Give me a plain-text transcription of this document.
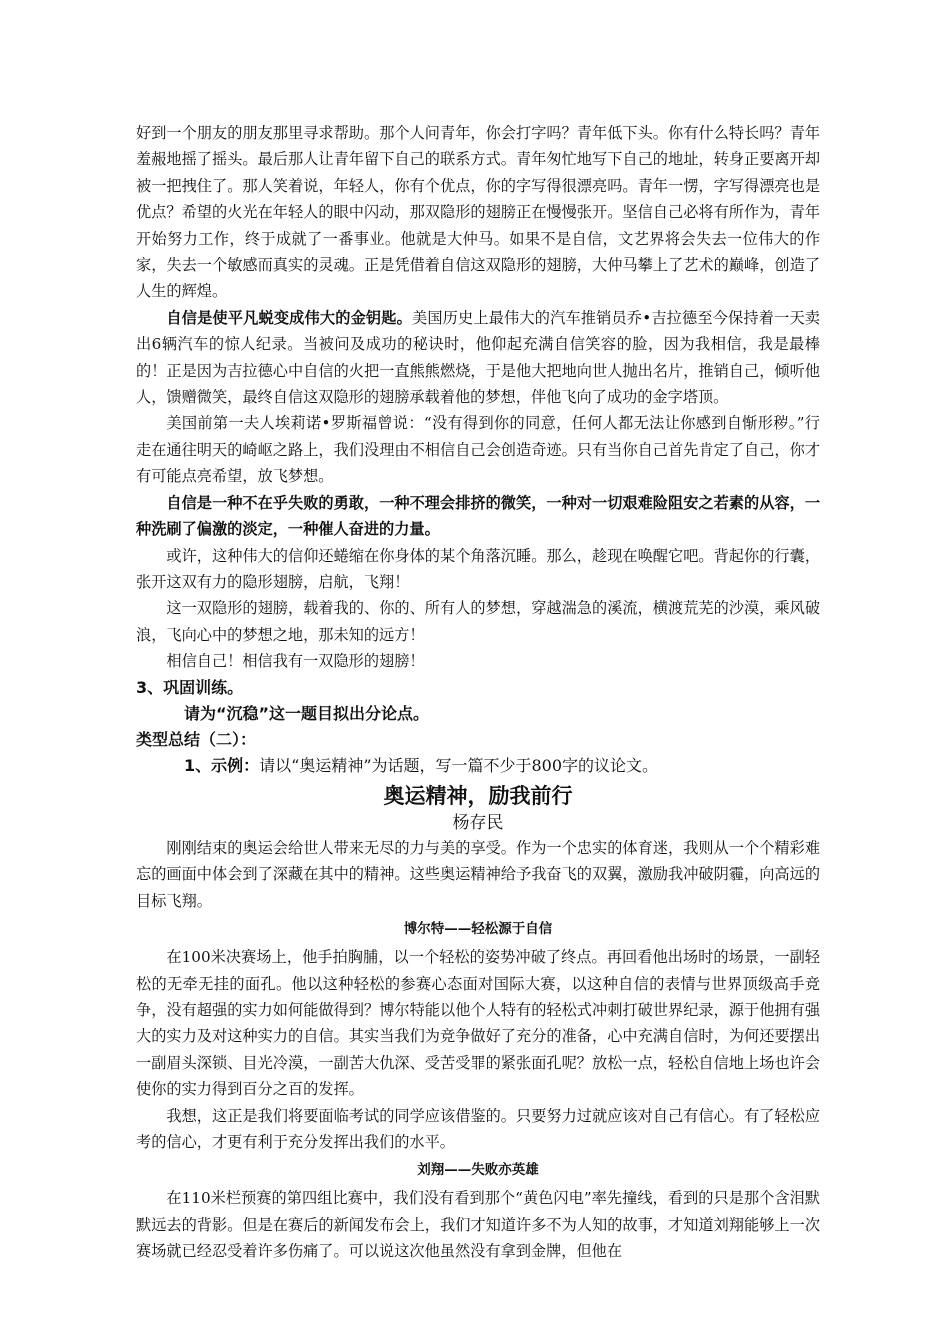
好到一个朋友的朋友那里寻求帮助。那个人问青年，你会打字吗？青年低下头。你有什么特长吗？青年羞赧地摇了摇头。最后那人让青年留下自己的联系方式。青年匆忙地写下自己的地址，转身正要离开却被一把拽住了。那人笑着说，年轻人，你有个优点，你的字写得很漂亮吗。青年一愣，字写得漂亮也是优点？希望的火光在年轻人的眼中闪动，那双隐形的翅膀正在慢慢张开。坚信自己必将有所作为，青年开始努力工作，终于成就了一番事业。他就是大仲马。如果不是自信，文艺界将会失去一位伟大的作家，失去一个敏感而真实的灵魂。正是凭借着自信这双隐形的翅膀，大仲马攀上了艺术的巅峰，创造了人生的辉煌。

自信是使平凡蜕变成伟大的金钥匙。美国历史上最伟大的汽车推销员乔•吉拉德至今保持着一天卖出6辆汽车的惊人纪录。当被问及成功的秘诀时，他仰起充满自信笑容的脸，因为我相信，我是最棒的！正是因为吉拉德心中自信的火把一直熊熊燃烧，于是他大把地向世人抛出名片，推销自己，倾听他人，馈赠微笑，最终自信这双隐形的翅膀承载着他的梦想，伴他飞向了成功的金字塔顶。

美国前第一夫人埃莉诺•罗斯福曾说：“没有得到你的同意，任何人都无法让你感到自惭形秽。”行走在通往明天的崎岖之路上，我们没理由不相信自己会创造奇迹。只有当你自己首先肯定了自己，你才有可能点亮希望，放飞梦想。

自信是一种不在乎失败的勇敢，一种不理会排挤的微笑，一种对一切艰难险阻安之若素的从容，一种洗刷了偏激的淡定，一种催人奋进的力量。

或许，这种伟大的信仰还蜷缩在你身体的某个角落沉睡。那么，趁现在唤醒它吧。背起你的行囊，张开这双有力的隐形翅膀，启航，飞翔！

这一双隐形的翅膀，载着我的、你的、所有人的梦想，穿越湍急的溪流，横渡荒芜的沙漠，乘风破浪，飞向心中的梦想之地，那未知的远方！

相信自己！相信我有一双隐形的翅膀！

3、巩固训练。
请为“沉稳”这一题目拟出分论点。
类型总结（二）：
1、示例：请以“奥运精神”为话题，写一篇不少于800字的议论文。
奥运精神，励我前行
杨存民

刚刚结束的奥运会给世人带来无尽的力与美的享受。作为一个忠实的体育迷，我则从一个个精彩难忘的画面中体会到了深藏在其中的精神。这些奥运精神给予我奋飞的双翼，激励我冲破阴霾，向高远的目标飞翔。

博尔特——轻松源于自信

在100米决赛场上，他手拍胸脯，以一个轻松的姿势冲破了终点。再回看他出场时的场景，一副轻松的无牵无挂的面孔。他以这种轻松的参赛心态面对国际大赛，以这种自信的表情与世界顶级高手竞争，没有超强的实力如何能做得到？博尔特能以他个人特有的轻松式冲刺打破世界纪录，源于他拥有强大的实力及对这种实力的自信。其实当我们为竞争做好了充分的准备，心中充满自信时，为何还要摆出一副眉头深锁、目光冷漠，一副苦大仇深、受苦受罪的紧张面孔呢？放松一点，轻松自信地上场也许会使你的实力得到百分之百的发挥。

我想，这正是我们将要面临考试的同学应该借鉴的。只要努力过就应该对自己有信心。有了轻松应考的信心，才更有利于充分发挥出我们的水平。

刘翔——失败亦英雄

在110米栏预赛的第四组比赛中，我们没有看到那个“黄色闪电”率先撞线，看到的只是那个含泪默默远去的背影。但是在赛后的新闻发布会上，我们才知道许多不为人知的故事，才知道刘翔能够上一次赛场就已经忍受着许多伤痛了。可以说这次他虽然没有拿到金牌，但他在
